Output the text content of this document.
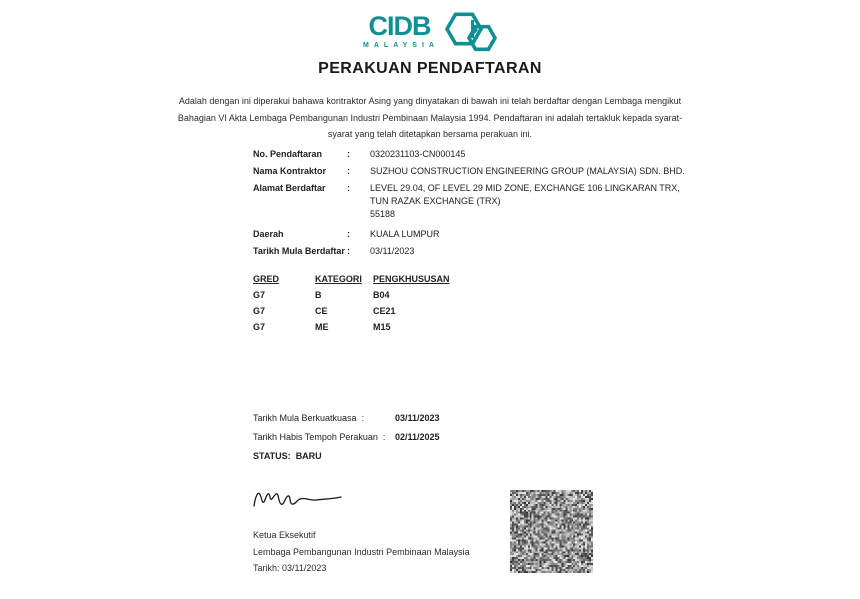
CIDB
MALAYSIA
PERAKUAN PENDAFTARAN
Adalah dengan ini diperakui bahawa kontraktor Asing yang dinyatakan di bawah ini telah berdaftar dengan Lembaga mengikut
Bahagian VI Akta Lembaga Pembangunan Industri Pembinaan Malaysia 1994. Pendaftaran ini adalah tertakluk kepada syarat-
syarat yang telah ditetapkan bersama perakuan ini.
No. Pendaftaran	:	0320231103-CN000145
Nama Kontraktor	:	SUZHOU CONSTRUCTION ENGINEERING GROUP (MALAYSIA) SDN. BHD.
Alamat Berdaftar	:	LEVEL 29.04, OF LEVEL 29 MID ZONE, EXCHANGE 106 LINGKARAN TRX,
TUN RAZAK EXCHANGE (TRX)
55188
Daerah	:	KUALA LUMPUR
Tarikh Mula Berdaftar :	03/11/2023
GRED	KATEGORI	PENGKHUSUSAN
G7	B	B04
G7	CE	CE21
G7	ME	M15
Tarikh Mula Berkuatkuasa :	03/11/2023
Tarikh Habis Tempoh Perakuan :	02/11/2025
STATUS: BARU
Ketua Eksekutif
Lembaga Pembangunan Industri Pembinaan Malaysia
Tarikh: 03/11/2023
